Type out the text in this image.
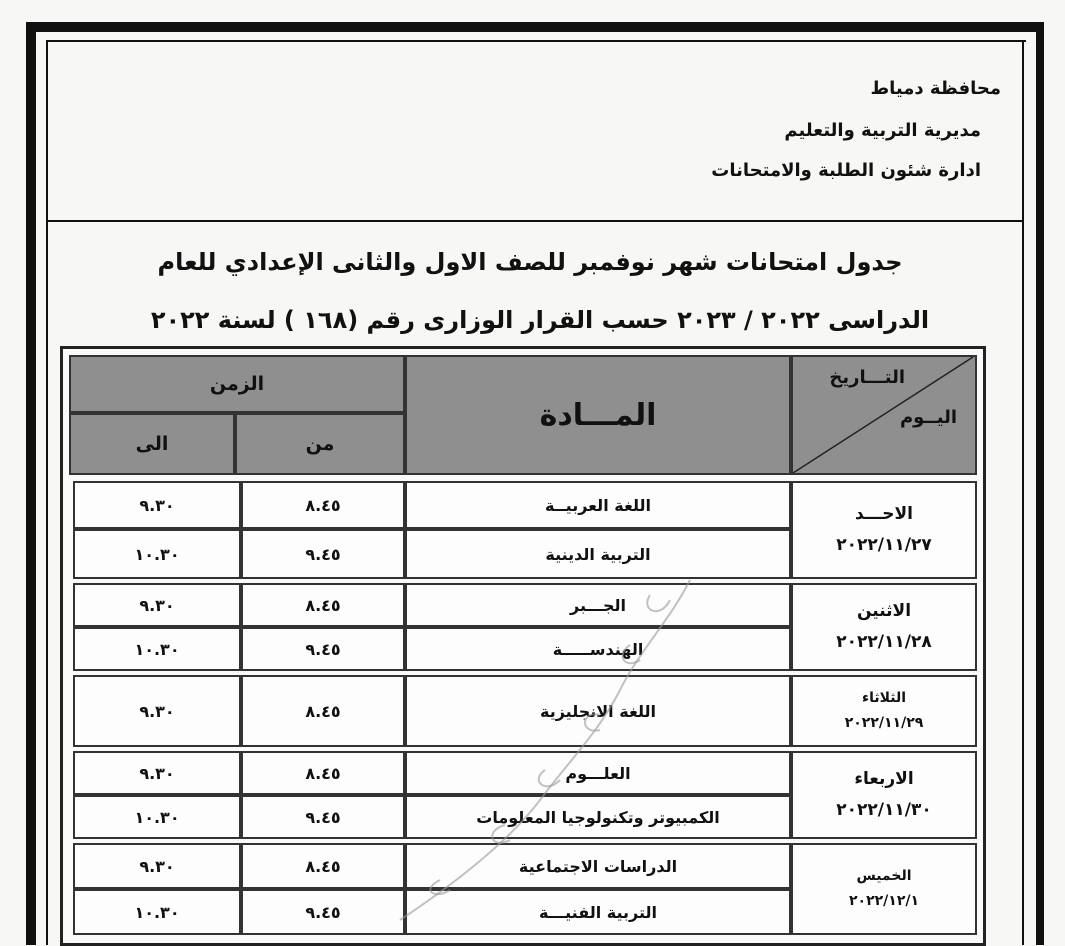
محافظة دمياط
مديرية التربية والتعليم
ادارة شئون الطلبة والامتحانات
جدول امتحانات شهر نوفمبر للصف الاول والثانى الإعدادي للعام
الدراسى ٢٠٢٢ / ٢٠٢٣ حسب القرار الوزارى رقم (١٦٨ ) لسنة ٢٠٢٢
التـــاريخ
اليــوم
المـــادة
الزمن
من
الى
الاحـــد
٢٠٢٢/١١/٢٧
اللغة العربيــة
٨.٤٥
٩.٣٠
التربية الدينية
٩.٤٥
١٠.٣٠
الاثنين
٢٠٢٢/١١/٢٨
الجـــبر
٨.٤٥
٩.٣٠
الهندســـــة
٩.٤٥
١٠.٣٠
الثلاثاء
٢٠٢٢/١١/٢٩
اللغة الانجليزية
٨.٤٥
٩.٣٠
الاربعاء
٢٠٢٢/١١/٣٠
العلـــوم
٨.٤٥
٩.٣٠
الكمبيوتر وتكنولوجيا المعلومات
٩.٤٥
١٠.٣٠
الخميس
٢٠٢٢/١٢/١
الدراسات الاجتماعية
٨.٤٥
٩.٣٠
التربية الفنيـــة
٩.٤٥
١٠.٣٠
